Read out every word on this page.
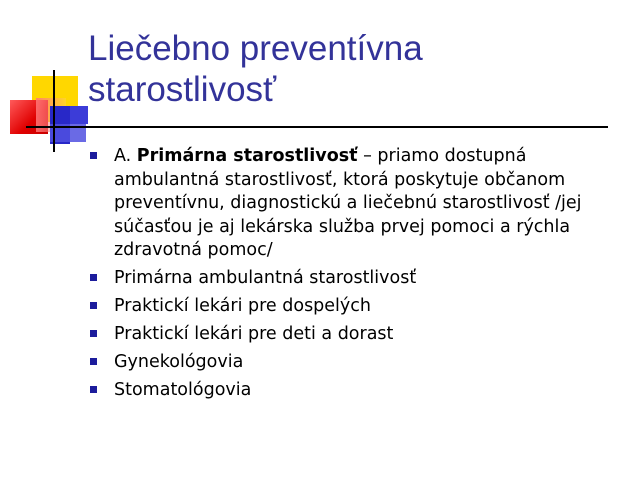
Liečebno preventívna starostlivosť
A. Primárna starostlivosť – priamo dostupná ambulantná starostlivosť, ktorá poskytuje občanom preventívnu, diagnostickú a liečebnú starostlivosť /jej súčasťou je aj lekárska služba prvej pomoci a rýchla zdravotná pomoc/
Primárna ambulantná starostlivosť
Praktickí lekári pre dospelých
Praktickí lekári pre deti a dorast
Gynekológovia
Stomatológovia
